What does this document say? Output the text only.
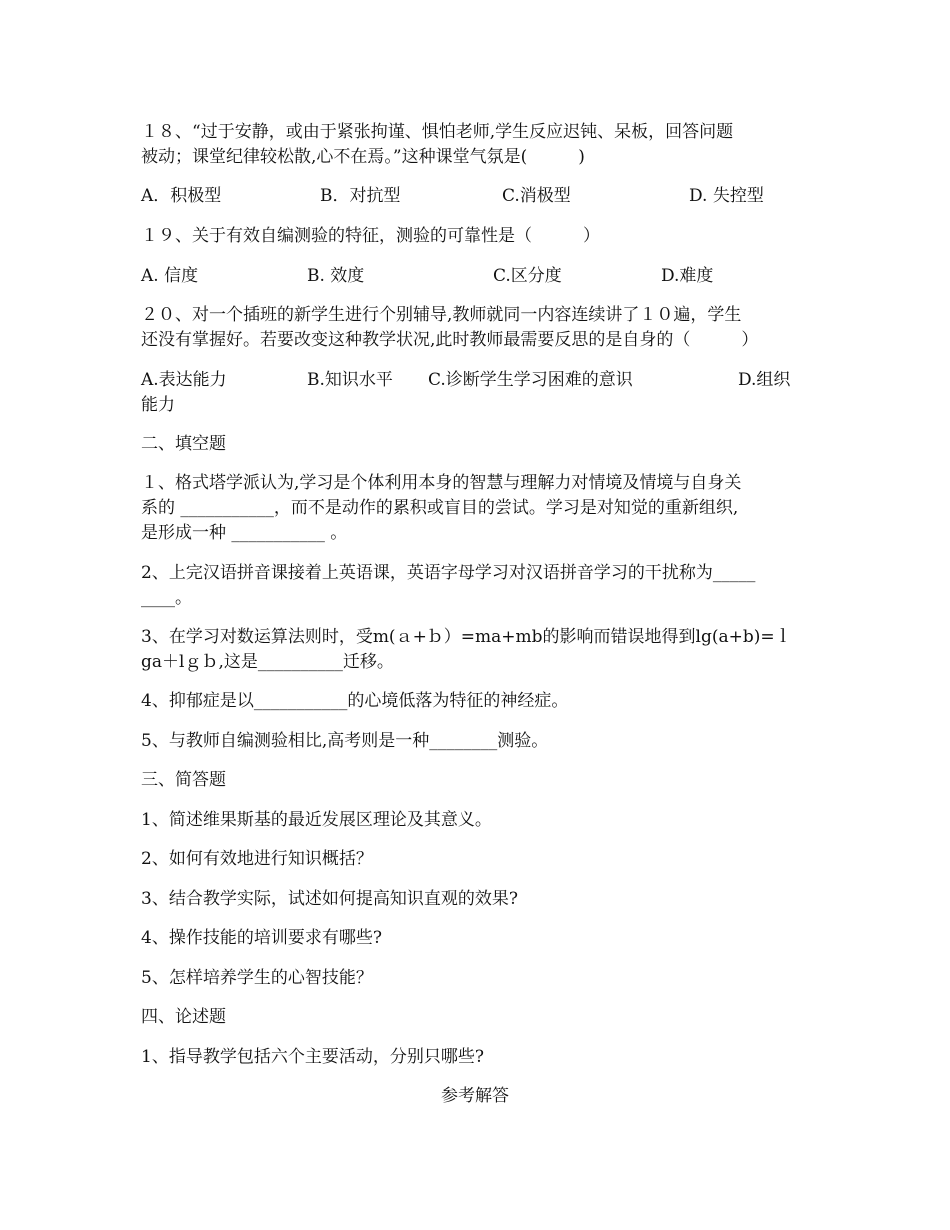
１８、“过于安静，或由于紧张拘谨、惧怕老师,学生反应迟钝、呆板，回答问题
被动；课堂纪律较松散,心不在焉。”这种课堂气氛是(　　　)
A．积极型	B．对抗型	C.消极型	D. 失控型
１９、关于有效自编测验的特征，测验的可靠性是（　　　）
A. 信度	B. 效度	C.区分度	D.难度
２０、对一个插班的新学生进行个别辅导,教师就同一内容连续讲了１０遍，学生
还没有掌握好。若要改变这种教学状况,此时教师最需要反思的是自身的（　　　）
A.表达能力	B.知识水平 C.诊断学生学习困难的意识	D.组织
能力
二、填空题
１、格式塔学派认为,学习是个体利用本身的智慧与理解力对情境及情境与自身关
系的 ___________，而不是动作的累积或盲目的尝试。学习是对知觉的重新组织,
是形成一种 ___________ 。
2、上完汉语拼音课接着上英语课，英语字母学习对汉语拼音学习的干扰称为_____
____。
3、在学习对数运算法则时，受m(ａ+ｂ）=ma+mb的影响而错误地得到lg(a+b)=ｌ
ga＋lｇｂ,这是__________迁移。
4、抑郁症是以___________的心境低落为特征的神经症。
5、与教师自编测验相比,高考则是一种________测验。
三、简答题
1、简述维果斯基的最近发展区理论及其意义。
2、如何有效地进行知识概括？
3、结合教学实际，试述如何提高知识直观的效果?
4、操作技能的培训要求有哪些?
5、怎样培养学生的心智技能？
四、论述题
1、指导教学包括六个主要活动，分别只哪些?
参考解答
